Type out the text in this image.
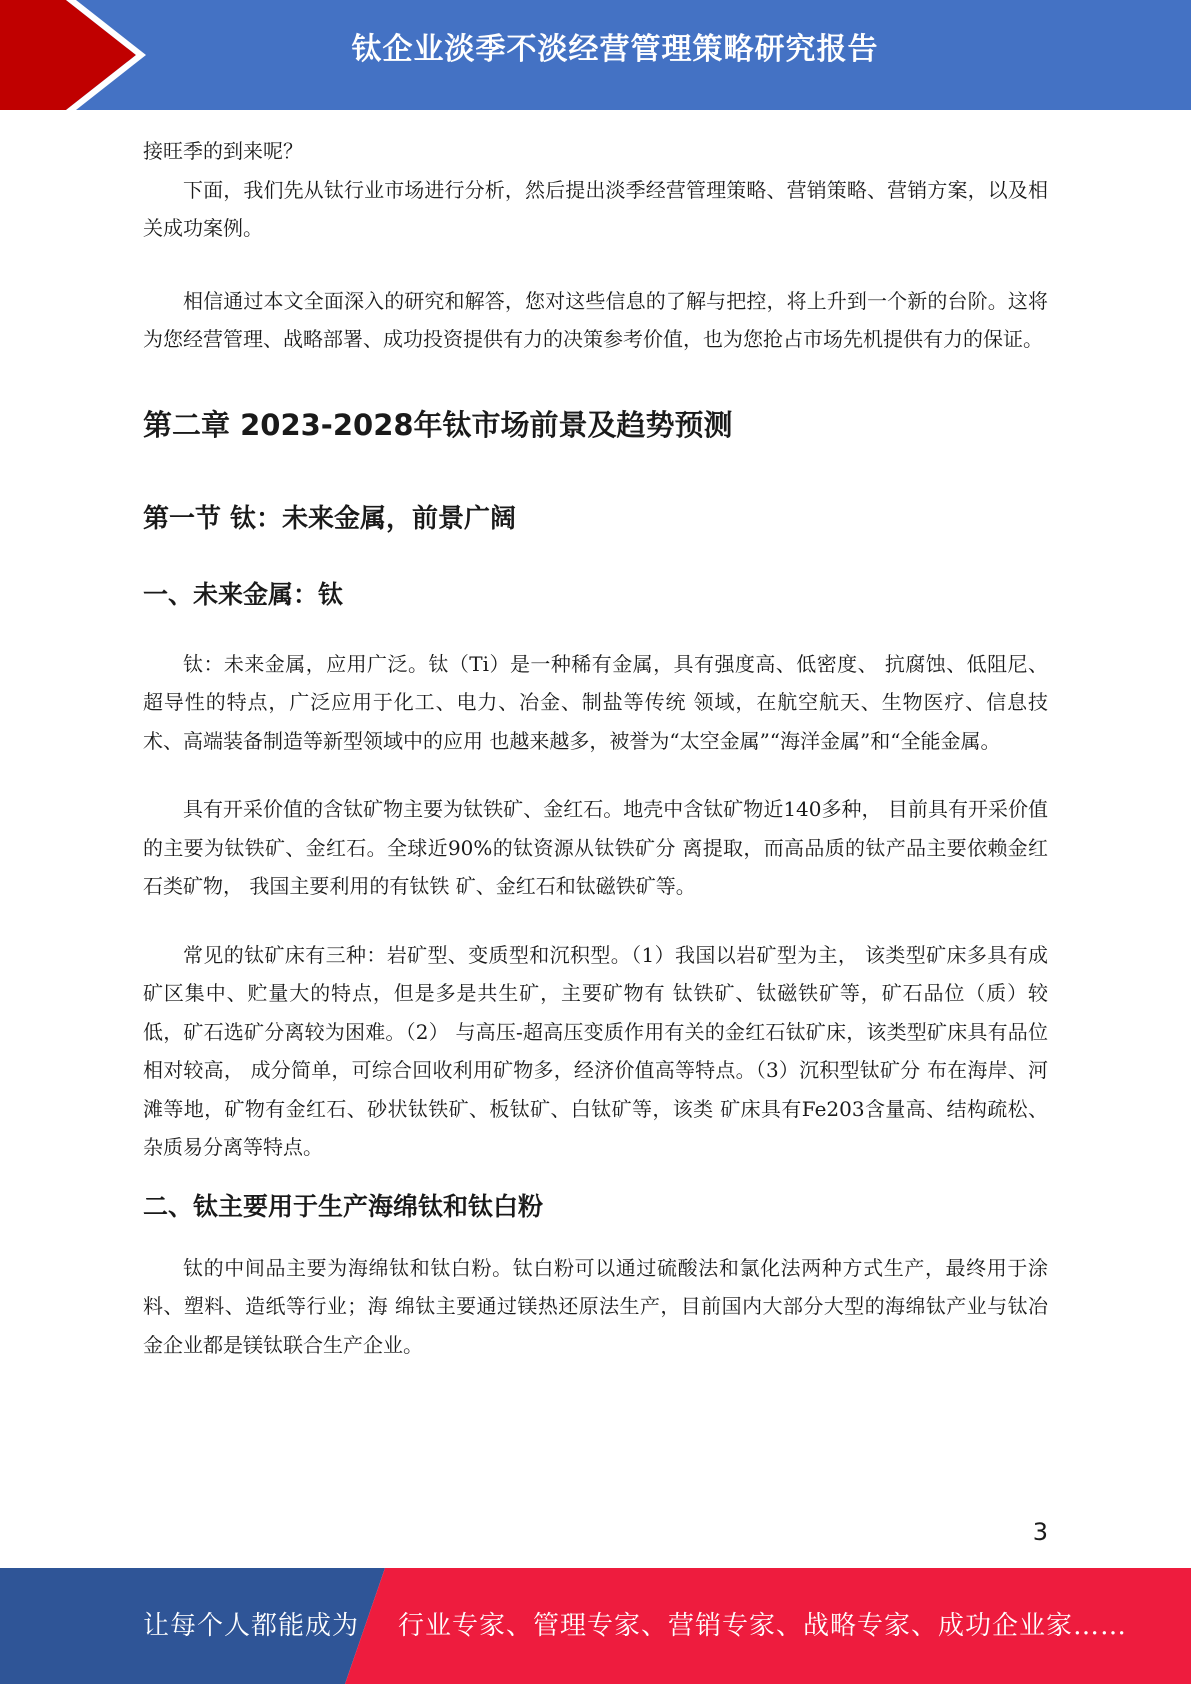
钛企业淡季不淡经营管理策略研究报告

接旺季的到来呢？

下面，我们先从钛行业市场进行分析，然后提出淡季经营管理策略、营销策略、营销方案，以及相关成功案例。

相信通过本文全面深入的研究和解答，您对这些信息的了解与把控，将上升到一个新的台阶。这将为您经营管理、战略部署、成功投资提供有力的决策参考价值，也为您抢占市场先机提供有力的保证。

第二章 2023-2028年钛市场前景及趋势预测
第一节 钛：未来金属，前景广阔
一、未来金属：钛

钛：未来金属，应用广泛。钛（Ti）是一种稀有金属，具有强度高、低密度、 抗腐蚀、低阻尼、超导性的特点，广泛应用于化工、电力、冶金、制盐等传统 领域，在航空航天、生物医疗、信息技术、高端装备制造等新型领域中的应用 也越来越多，被誉为“太空金属”“海洋金属”和“全能金属。

具有开采价值的含钛矿物主要为钛铁矿、金红石。地壳中含钛矿物近140多种， 目前具有开采价值的主要为钛铁矿、金红石。全球近90%的钛资源从钛铁矿分 离提取，而高品质的钛产品主要依赖金红石类矿物， 我国主要利用的有钛铁 矿、金红石和钛磁铁矿等。

常见的钛矿床有三种：岩矿型、变质型和沉积型。（1）我国以岩矿型为主， 该类型矿床多具有成矿区集中、贮量大的特点，但是多是共生矿，主要矿物有 钛铁矿、钛磁铁矿等，矿石品位（质）较低，矿石选矿分离较为困难。（2） 与高压-超高压变质作用有关的金红石钛矿床，该类型矿床具有品位相对较高， 成分简单，可综合回收利用矿物多，经济价值高等特点。（3）沉积型钛矿分 布在海岸、河滩等地，矿物有金红石、砂状钛铁矿、板钛矿、白钛矿等，该类 矿床具有Fe203含量高、结构疏松、杂质易分离等特点。

二、钛主要用于生产海绵钛和钛白粉

钛的中间品主要为海绵钛和钛白粉。钛白粉可以通过硫酸法和氯化法两种方式生产，最终用于涂料、塑料、造纸等行业；海 绵钛主要通过镁热还原法生产，目前国内大部分大型的海绵钛产业与钛冶金企业都是镁钛联合生产企业。

3
让每个人都能成为 行业专家、管理专家、营销专家、战略专家、成功企业家……
